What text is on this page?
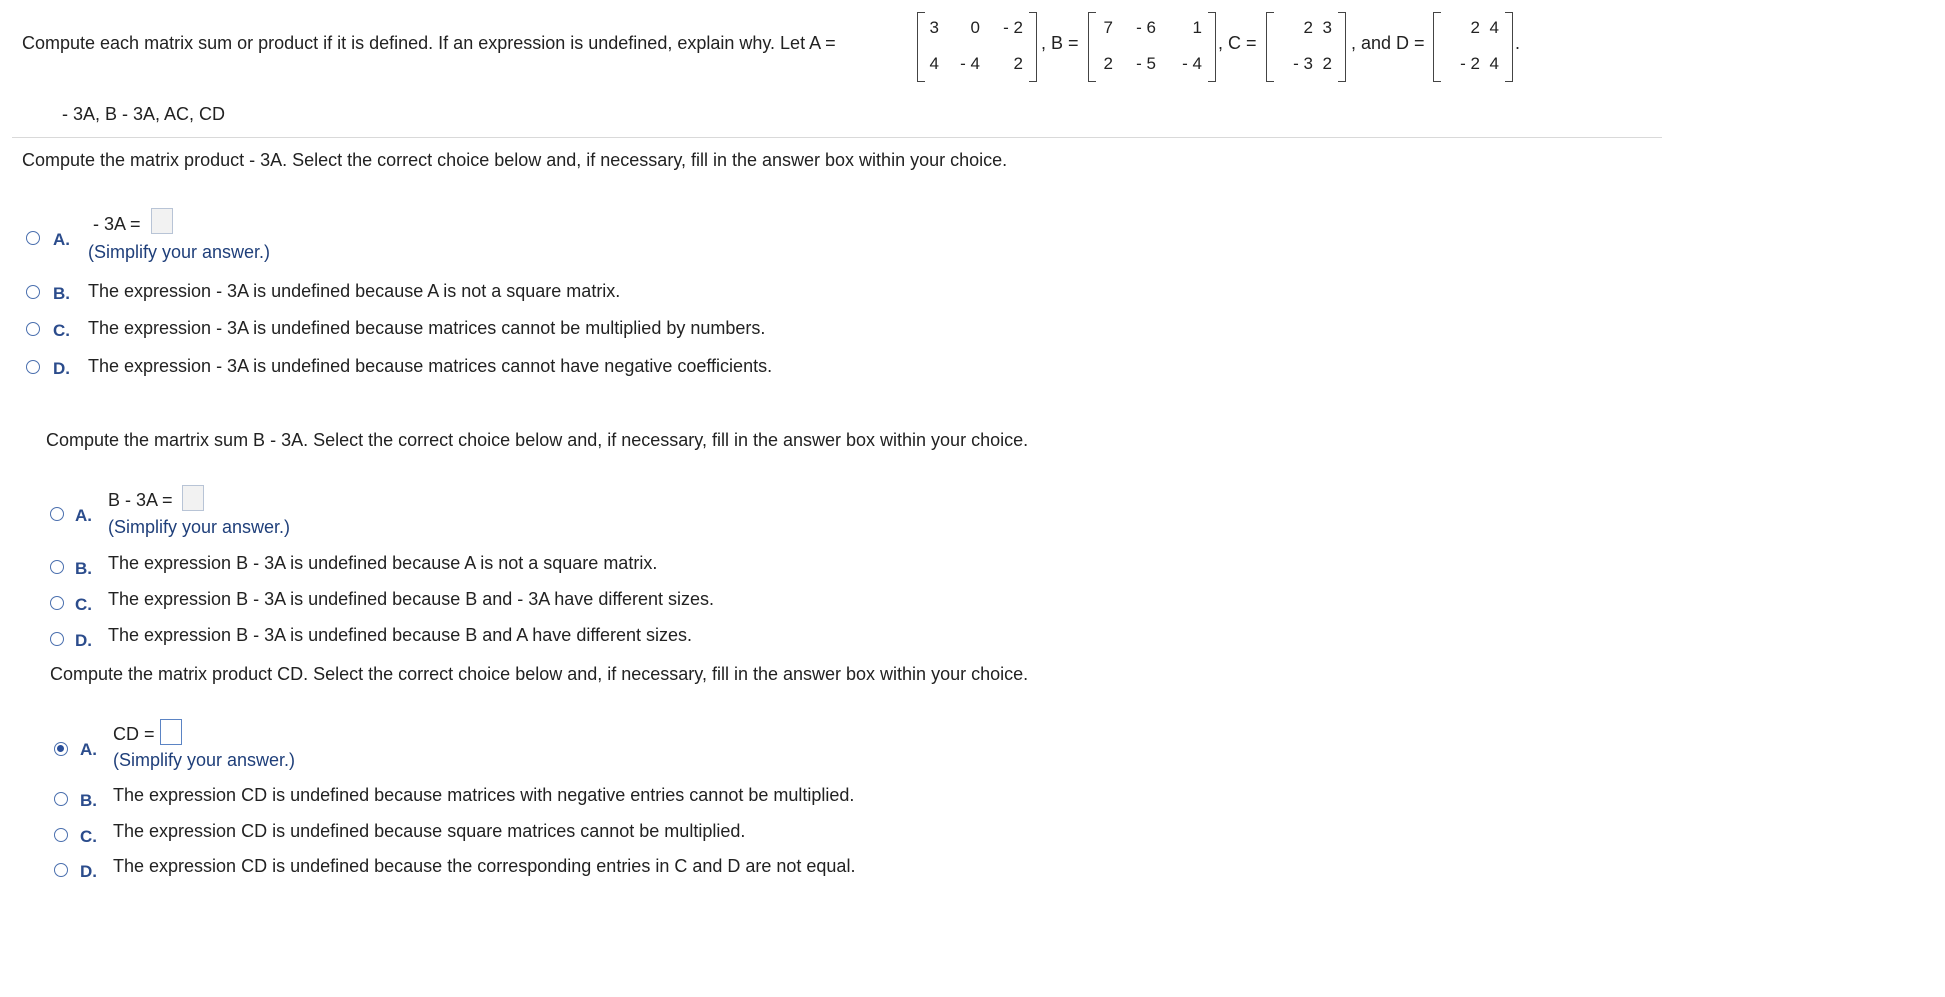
Compute each matrix sum or product if it is defined. If an expression is undefined, explain why. Let A =
3 0 - 2
4 - 4 2
, B =
7 - 6 1
2 - 5 - 4
, C =
2 3
- 3 2
, and D =
2 4
- 2 4
.
- 3A, B - 3A, AC, CD
Compute the matrix product - 3A. Select the correct choice below and, if necessary, fill in the answer box within your choice.
A.
- 3A =
(Simplify your answer.)
B. The expression - 3A is undefined because A is not a square matrix.
C. The expression - 3A is undefined because matrices cannot be multiplied by numbers.
D. The expression - 3A is undefined because matrices cannot have negative coefficients.
Compute the martrix sum B - 3A. Select the correct choice below and, if necessary, fill in the answer box within your choice.
A.
B - 3A =
(Simplify your answer.)
B. The expression B - 3A is undefined because A is not a square matrix.
C. The expression B - 3A is undefined because B and - 3A have different sizes.
D. The expression B - 3A is undefined because B and A have different sizes.
Compute the matrix product CD. Select the correct choice below and, if necessary, fill in the answer box within your choice.
A.
CD =
(Simplify your answer.)
B. The expression CD is undefined because matrices with negative entries cannot be multiplied.
C. The expression CD is undefined because square matrices cannot be multiplied.
D. The expression CD is undefined because the corresponding entries in C and D are not equal.
